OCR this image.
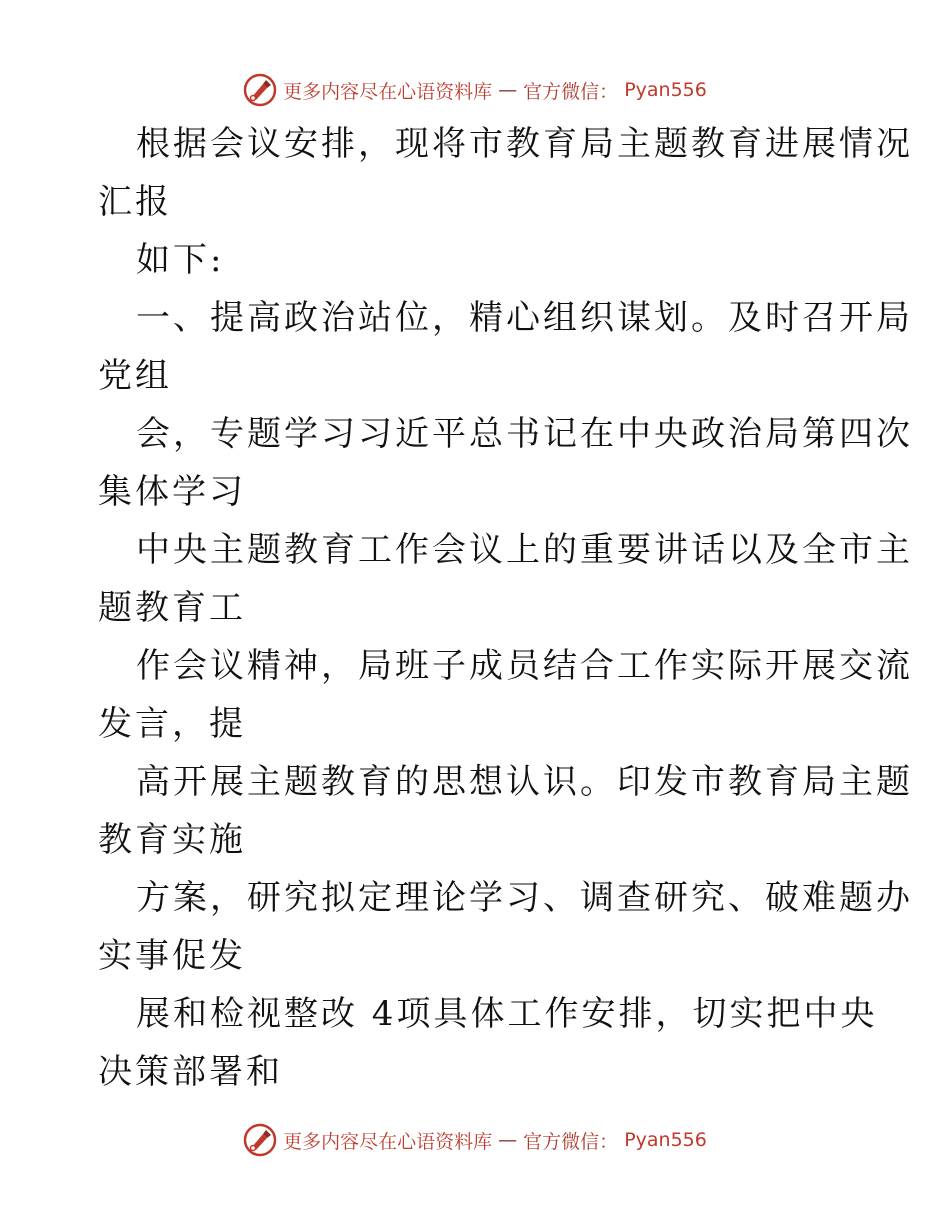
更多内容尽在心语资料库 — 官方微信： Pyan556
根据会议安排，现将市教育局主题教育进展情况
汇报
如下:
一、提高政治站位，精心组织谋划。及时召开局
党组
会，专题学习习近平总书记在中央政治局第四次
集体学习
中央主题教育工作会议上的重要讲话以及全市主
题教育工
作会议精神，局班子成员结合工作实际开展交流
发言，提
高开展主题教育的思想认识。印发市教育局主题
教育实施
方案，研究拟定理论学习、调查研究、破难题办
实事促发
展和检视整改 4项具体工作安排，切实把中央
决策部署和
更多内容尽在心语资料库 — 官方微信： Pyan556
